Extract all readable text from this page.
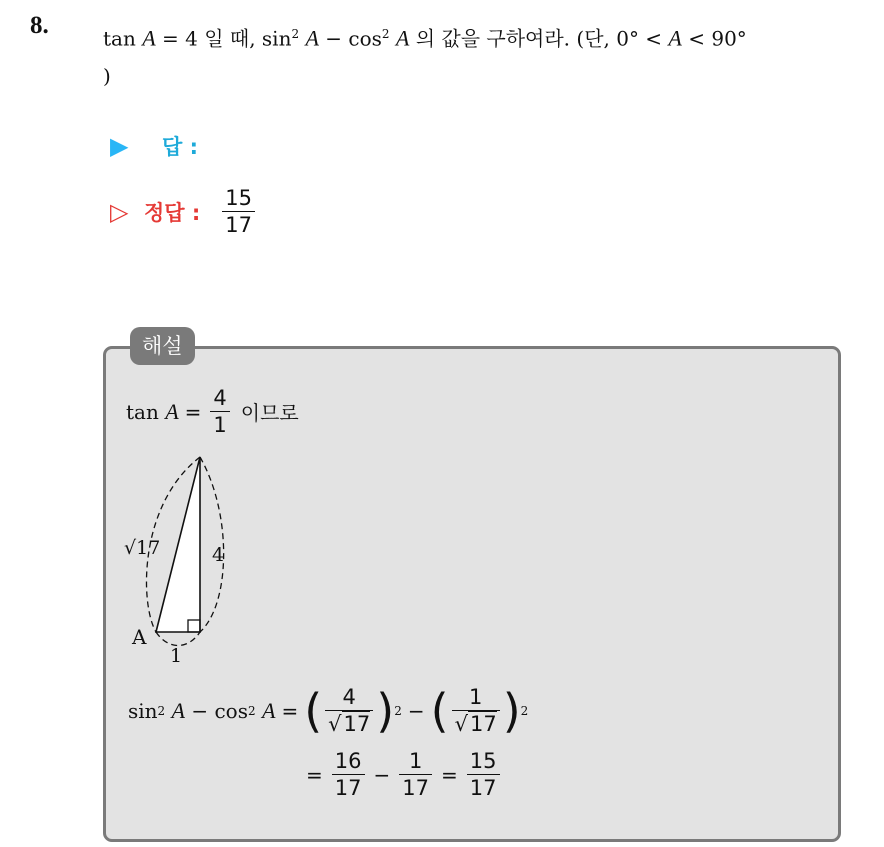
8.	tan A = 4 일 때, $\sin^2 A - \cos^2 A$ 의 값을 구하여라. (단, 0° < A < 90°
)
▶	답 :
▷ 정답 : $\frac{15}{17}$
해설
tan
$A = \frac{4}{1}$ 이므로
A
√17	4
1
sin 2
A
− cos 2
A = ( $\frac{4}{√17}$ ) 2 − ( $\frac{1}{√17}$ ) 2
= $\frac{16}{17} - \frac{1}{17} = \frac{15}{17}$
